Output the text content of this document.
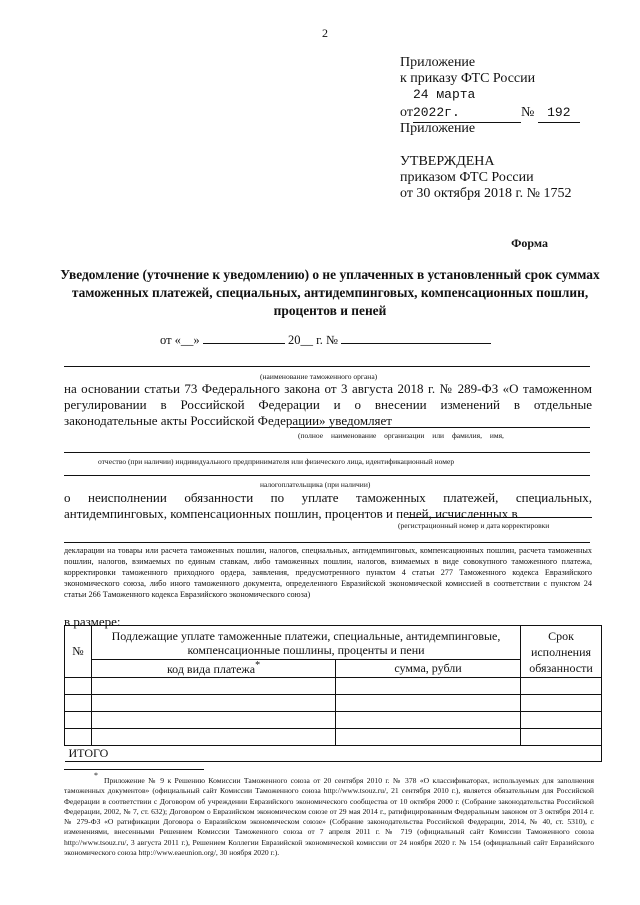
2
Приложение
к приказу ФТС России
от24 марта 2022г.	№ 192
Приложение
УТВЕРЖДЕНА
приказом ФТС России
от 30 октября 2018 г. № 1752
Форма
Уведомление (уточнение к уведомлению) о не уплаченных в установленный срок суммах таможенных платежей, специальных, антидемпинговых, компенсационных пошлин, процентов и пеней
от «__»	20__ г. №
(наименование таможенного органа)
на основании статьи 73 Федерального закона от 3 августа 2018 г. № 289-ФЗ «О таможенном регулировании в Российской Федерации и о внесении изменений в отдельные законодательные акты Российской Федерации» уведомляет
(полное наименование организации или фамилия, имя,
отчество (при наличии) индивидуального предпринимателя или физического лица, идентификационный номер
налогоплательщика (при наличии)
о неисполнении обязанности по уплате таможенных платежей, специальных, антидемпинговых, компенсационных пошлин, процентов и пеней, исчисленных в
(регистрационный номер и дата корректировки
декларации на товары или расчета таможенных пошлин, налогов, специальных, антидемпинговых, компенсационных пошлин, расчета таможенных пошлин, налогов, взимаемых по единым ставкам, либо таможенных пошлин, налогов, взимаемых в виде совокупного таможенного платежа, корректировки таможенного приходного ордера, заявления, предусмотренного пунктом 4 статьи 277 Таможенного кодекса Евразийского экономического союза, либо иного таможенного документа, определенного Евразийской экономической комиссией в соответствии с пунктом 24 статьи 266 Таможенного кодекса Евразийского экономического союза)
в размере:
№	Подлежащие уплате таможенные платежи, специальные, антидемпинговые, компенсационные пошлины, проценты и пени		Срок исполнения обязанности
	код вида платежа*	сумма, рубли	

ИТОГО			
*
Приложение № 9 к Решению Комиссии Таможенного союза от 20 сентября 2010 г. № 378 «О классификаторах, используемых для заполнения таможенных документов» (официальный сайт Комиссии Таможенного союза http://www.tsouz.ru/, 21 сентября 2010 г.), является обязательным для Российской Федерации в соответствии с Договором об учреждении Евразийского экономического сообщества от 10 октября 2000 г. (Собрание законодательства Российской Федерации, 2002, № 7, ст. 632); Договором о Евразийском экономическом союзе от 29 мая 2014 г., ратифицированным Федеральным законом от 3 октября 2014 г. № 279-ФЗ «О ратификации Договора о Евразийском экономическом союзе» (Собрание законодательства Российской Федерации, 2014, № 40, ст. 5310), с изменениями, внесенными Решением Комиссии Таможенного союза от 7 апреля 2011 г. № 719 (официальный сайт Комиссии Таможенного союза http://www.tsouz.ru/, 3 августа 2011 г.), Решением Коллегии Евразийской экономической комиссии от 24 ноября 2020 г. № 154 (официальный сайт Евразийского экономического союза http://www.eaeunion.org/, 30 ноября 2020 г.).
